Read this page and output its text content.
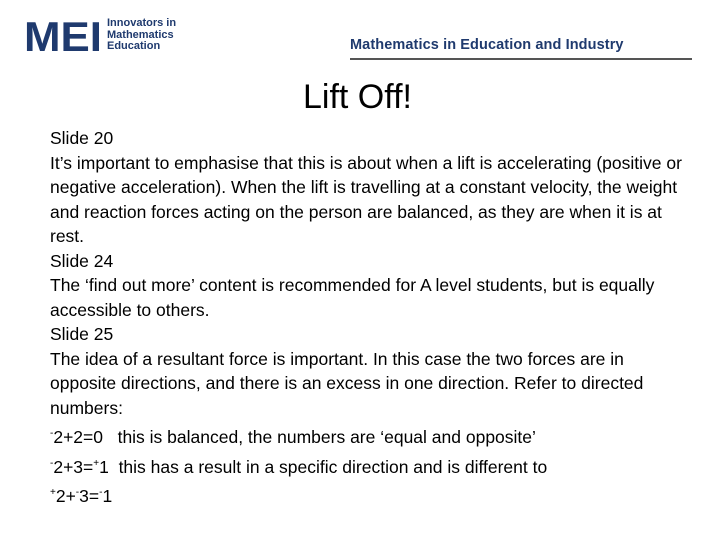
MEI Innovators in
Mathematics
Education	Mathematics in Education and Industry
Lift Off!

Slide 20

It’s important to emphasise that this is about when a lift is accelerating (positive or negative acceleration). When the lift is travelling at a constant velocity, the weight and reaction forces acting on the person are balanced, as they are when it is at rest.

Slide 24

The ‘find out more’ content is recommended for A level students, but is equally accessible to others.

Slide 25

The idea of a resultant force is important. In this case the two forces are in opposite directions, and there is an excess in one direction. Refer to directed numbers:

-2+2=0 this is balanced, the numbers are ‘equal and opposite’

-2+3=+1 this has a result in a specific direction and is different to

+2+-3=-1
